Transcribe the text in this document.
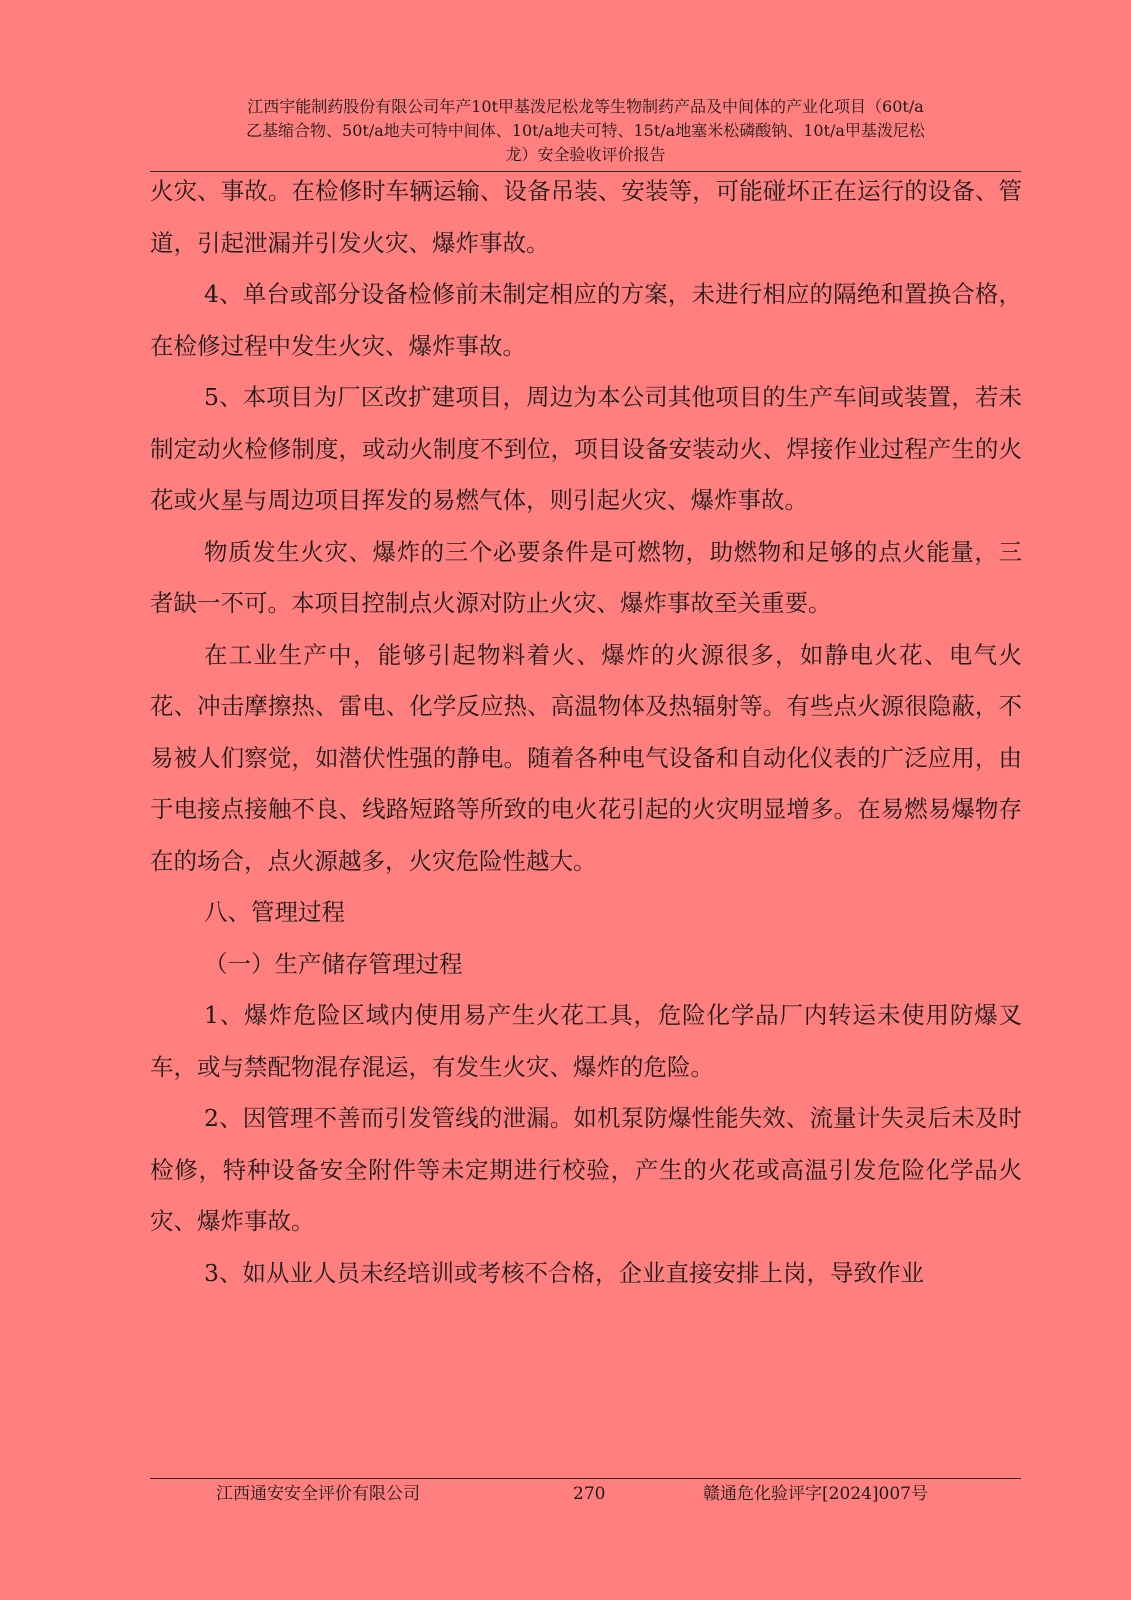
江西宇能制药股份有限公司年产10t甲基泼尼松龙等生物制药产品及中间体的产业化项目（60t/a
乙基缩合物、50t/a地夫可特中间体、10t/a地夫可特、15t/a地塞米松磷酸钠、10t/a甲基泼尼松
龙）安全验收评价报告

火灾、事故。在检修时车辆运输、设备吊装、安装等，可能碰坏正在运行的设备、管道，引起泄漏并引发火灾、爆炸事故。

4、单台或部分设备检修前未制定相应的方案，未进行相应的隔绝和置换合格，在检修过程中发生火灾、爆炸事故。

5、本项目为厂区改扩建项目，周边为本公司其他项目的生产车间或装置，若未制定动火检修制度，或动火制度不到位，项目设备安装动火、焊接作业过程产生的火花或火星与周边项目挥发的易燃气体，则引起火灾、爆炸事故。

物质发生火灾、爆炸的三个必要条件是可燃物，助燃物和足够的点火能量，三者缺一不可。本项目控制点火源对防止火灾、爆炸事故至关重要。

在工业生产中，能够引起物料着火、爆炸的火源很多，如静电火花、电气火花、冲击摩擦热、雷电、化学反应热、高温物体及热辐射等。有些点火源很隐蔽，不易被人们察觉，如潜伏性强的静电。随着各种电气设备和自动化仪表的广泛应用，由于电接点接触不良、线路短路等所致的电火花引起的火灾明显增多。在易燃易爆物存在的场合，点火源越多，火灾危险性越大。

八、管理过程

（一）生产储存管理过程

1、爆炸危险区域内使用易产生火花工具，危险化学品厂内转运未使用防爆叉车，或与禁配物混存混运，有发生火灾、爆炸的危险。

2、因管理不善而引发管线的泄漏。如机泵防爆性能失效、流量计失灵后未及时检修，特种设备安全附件等未定期进行校验，产生的火花或高温引发危险化学品火灾、爆炸事故。

3、如从业人员未经培训或考核不合格，企业直接安排上岗，导致作业

江西通安安全评价有限公司	270	赣通危化验评字[2024]007号
